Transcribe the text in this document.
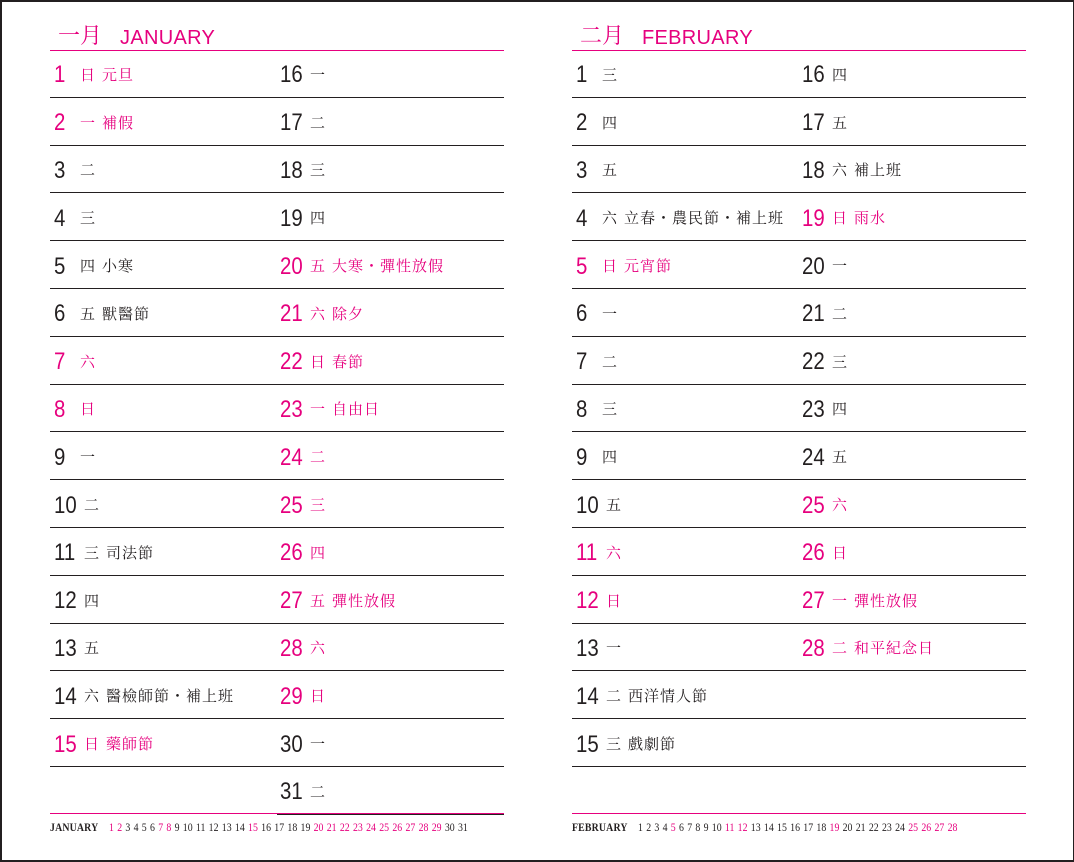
一月 JANUARY
1 日 元旦
2 一 補假
3 二
4 三
5 四 小寒
6 五 獸醫節
7 六
8 日
9 一
10 二
11 三 司法節
12 四
13 五
14 六 醫檢師節・補上班
15 日 藥師節
16 一
17 二
18 三
19 四
20 五 大寒・彈性放假
21 六 除夕
22 日 春節
23 一 自由日
24 二
25 三
26 四
27 五 彈性放假
28 六
29 日
30 一
31 二
JANUARY 1 2 3 4 5 6 7 8 9 10 11 12 13 14 15 16 17 18 19 20 21 22 23 24 25 26 27 28 29 30 31
二月 FEBRUARY
1 三
2 四
3 五
4 六 立春・農民節・補上班
5 日 元宵節
6 一
7 二
8 三
9 四
10 五
11 六
12 日
13 一
14 二 西洋情人節
15 三 戲劇節
16 四
17 五
18 六 補上班
19 日 雨水
20 一
21 二
22 三
23 四
24 五
25 六
26 日
27 一 彈性放假
28 二 和平紀念日
FEBRUARY 1 2 3 4 5 6 7 8 9 10 11 12 13 14 15 16 17 18 19 20 21 22 23 24 25 26 27 28
